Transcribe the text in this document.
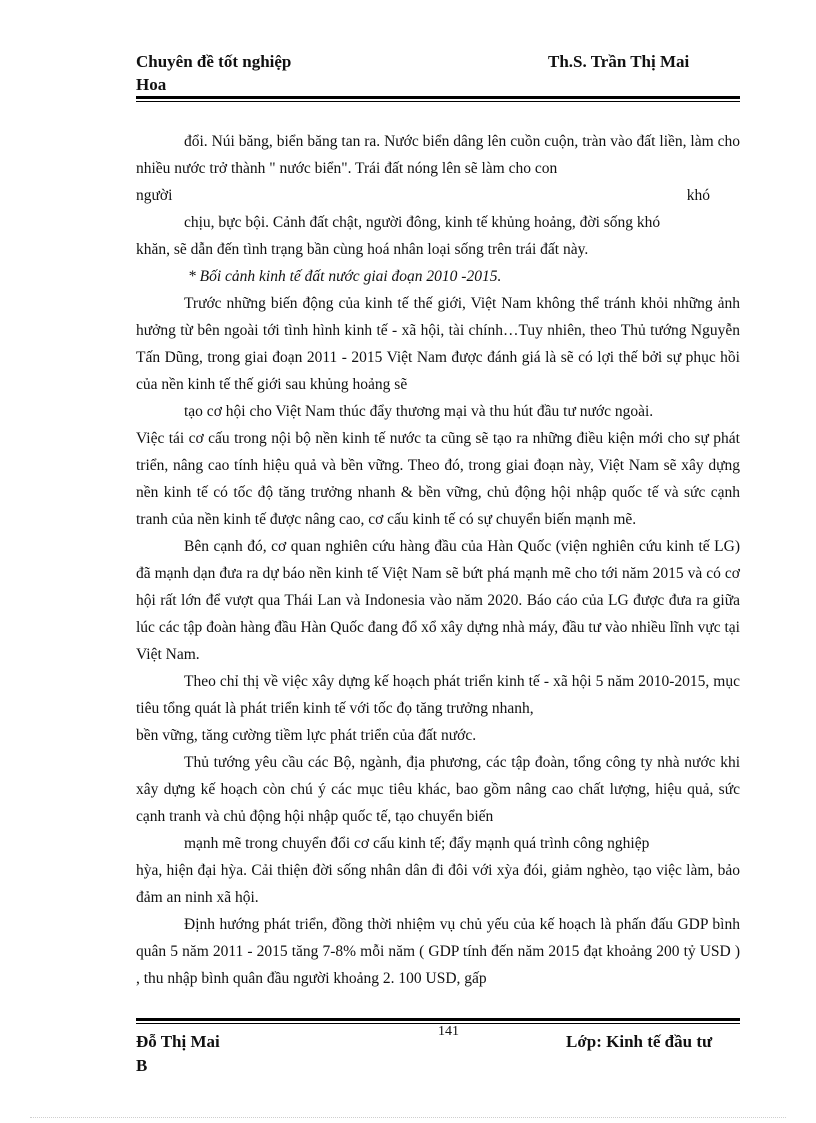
Chuyên đề tốt nghiệp
Hoa
Th.S. Trần Thị Mai

đổi. Núi băng, biển băng tan ra. Nước biển dâng lên cuồn cuộn, tràn vào đất liền, làm cho nhiều nước trở thành " nước biển". Trái đất nóng lên sẽ làm cho con

người	khó

chịu, bực bội. Cảnh đất chật, người đông, kinh tế khủng hoảng, đời sống khó

khăn, sẽ dẫn đến tình trạng bần cùng hoá nhân loại sống trên trái đất này.

* Bối cảnh kinh tế đất nước giai đoạn 2010 -2015.

Trước những biến động của kinh tế thế giới, Việt Nam không thể tránh khỏi những ảnh hưởng từ bên ngoài tới tình hình kinh tế - xã hội, tài chính…Tuy nhiên, theo Thủ tướng Nguyễn Tấn Dũng, trong giai đoạn 2011 - 2015 Việt Nam được đánh giá là sẽ có lợi thế bởi sự phục hồi của nền kinh tế thế giới sau khủng hoảng sẽ

tạo cơ hội cho Việt Nam thúc đẩy thương mại và thu hút đầu tư nước ngoài.

Việc tái cơ cấu trong nội bộ nền kinh tế nước ta cũng sẽ tạo ra những điều kiện mới cho sự phát triển, nâng cao tính hiệu quả và bền vững. Theo đó, trong giai đoạn này, Việt Nam sẽ xây dựng nền kinh tế có tốc độ tăng trưởng nhanh & bền vững, chủ động hội nhập quốc tế và sức cạnh tranh của nền kinh tế được nâng cao, cơ cấu kinh tế có sự chuyển biến mạnh mẽ.

Bên cạnh đó, cơ quan nghiên cứu hàng đầu của Hàn Quốc (viện nghiên cứu kinh tế LG) đã mạnh dạn đưa ra dự báo nền kinh tế Việt Nam sẽ bứt phá mạnh mẽ cho tới năm 2015 và có cơ hội rất lớn để vượt qua Thái Lan và Indonesia vào năm 2020. Báo cáo của LG được đưa ra giữa lúc các tập đoàn hàng đầu Hàn Quốc đang đổ xổ xây dựng nhà máy, đầu tư vào nhiều lĩnh vực tại Việt Nam.

Theo chỉ thị về việc xây dựng kế hoạch phát triển kinh tế - xã hội 5 năm 2010-2015, mục tiêu tổng quát là phát triển kinh tế với tốc đọ tăng trưởng nhanh,

bền vững, tăng cường tiềm lực phát triển của đất nước.

Thủ tướng yêu cầu các Bộ, ngành, địa phương, các tập đoàn, tổng công ty nhà nước khi xây dựng kế hoạch còn chú ý các mục tiêu khác, bao gồm nâng cao chất lượng, hiệu quả, sức cạnh tranh và chủ động hội nhập quốc tế, tạo chuyển biến

mạnh mẽ trong chuyển đổi cơ cấu kinh tế; đẩy mạnh quá trình công nghiệp

hỳa, hiện đại hỳa. Cải thiện đời sống nhân dân đi đôi với xỳa đói, giảm nghèo, tạo việc làm, bảo đảm an ninh xã hội.

Định hướng phát triển, đồng thời nhiệm vụ chủ yếu của kế hoạch là phấn đấu GDP bình quân 5 năm 2011 - 2015 tăng 7-8% mỗi năm ( GDP tính đến năm 2015 đạt khoảng 200 tỷ USD ) , thu nhập bình quân đầu người khoảng 2. 100 USD, gấp

141
Đỗ Thị Mai
B
Lớp: Kinh tế đầu tư
